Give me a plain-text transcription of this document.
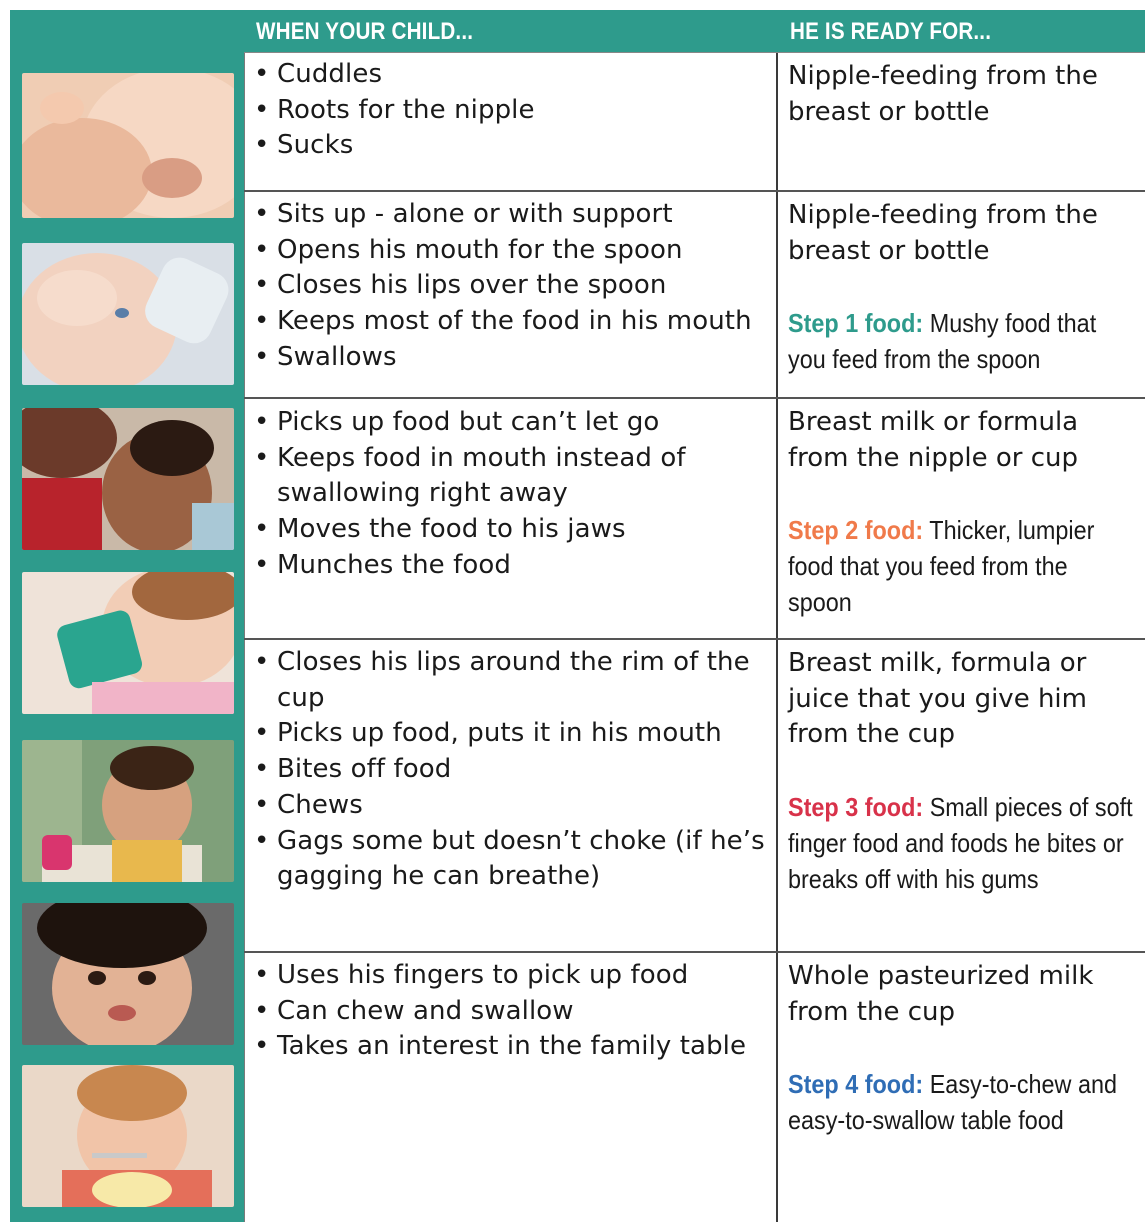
WHEN YOUR CHILD...	HE IS READY FOR...
• Cuddles
• Roots for the nipple
• Sucks

Nipple-feeding from the breast or bottle

• Sits up - alone or with support
• Opens his mouth for the spoon
• Closes his lips over the spoon
• Keeps most of the food in his mouth
• Swallows

Nipple-feeding from the breast or bottle

Step 1 food: Mushy food that you feed from the spoon

• Picks up food but can’t let go
• Keeps food in mouth instead of swallowing right away
• Moves the food to his jaws
• Munches the food

Breast milk or formula from the nipple or cup

Step 2 food: Thicker, lumpier food that you feed from the spoon

• Closes his lips around the rim of the cup
• Picks up food, puts it in his mouth
• Bites off food
• Chews
• Gags some but doesn’t choke (if he’s gagging he can breathe)

Breast milk, formula or juice that you give him from the cup

Step 3 food: Small pieces of soft finger food and foods he bites or breaks off with his gums

• Uses his fingers to pick up food
• Can chew and swallow
• Takes an interest in the family table

Whole pasteurized milk from the cup

Step 4 food: Easy-to-chew and easy-to-swallow table food
